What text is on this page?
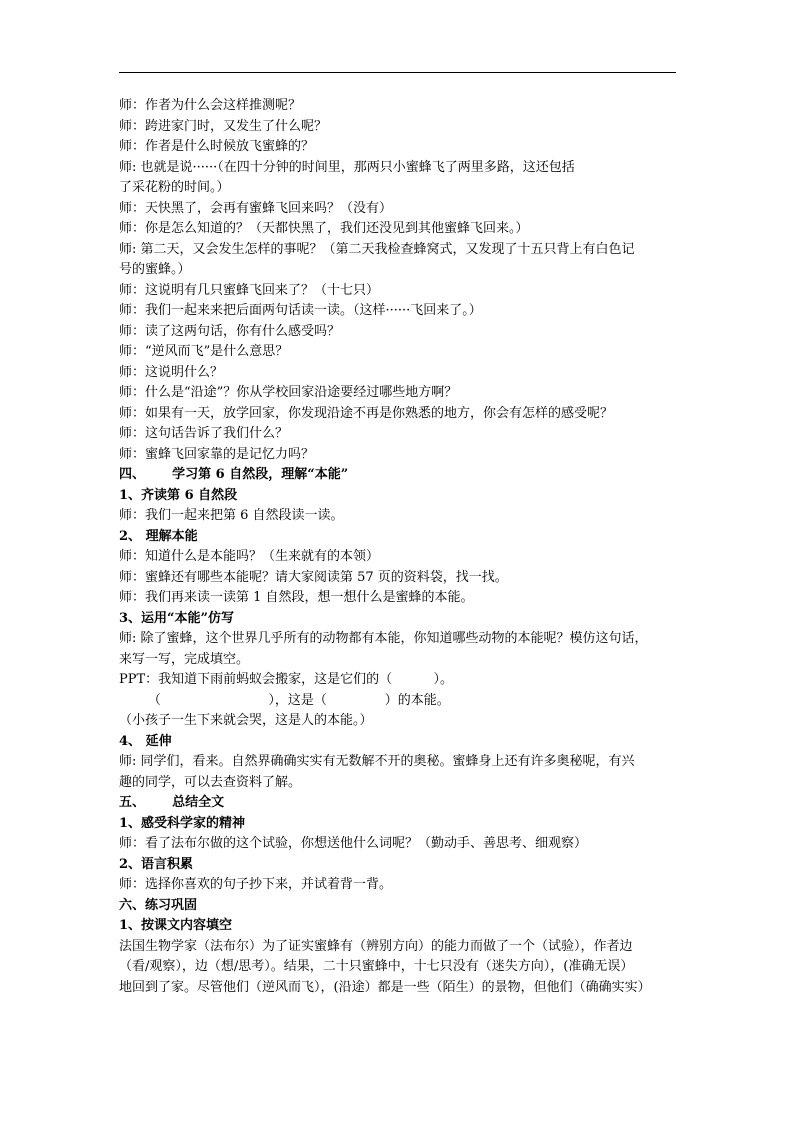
师：作者为什么会这样推测呢？
师：跨进家门时，又发生了什么呢？
师：作者是什么时候放飞蜜蜂的？
师: 也就是说······（在四十分钟的时间里，那两只小蜜蜂飞了两里多路，这还包括
了采花粉的时间。）
师：天快黑了，会再有蜜蜂飞回来吗？（没有）
师：你是怎么知道的？（天都快黑了，我们还没见到其他蜜蜂飞回来。）
师: 第二天，又会发生怎样的事呢？（第二天我检查蜂窝式，又发现了十五只背上有白色记
号的蜜蜂。）
师：这说明有几只蜜蜂飞回来了？（十七只）
师：我们一起来来把后面两句话读一读。（这样······飞回来了。）
师：读了这两句话，你有什么感受吗？
师：“逆风而飞”是什么意思？
师：这说明什么？
师：什么是“沿途”？你从学校回家沿途要经过哪些地方啊？
师：如果有一天，放学回家，你发现沿途不再是你熟悉的地方，你会有怎样的感受呢？
师：这句话告诉了我们什么？
师：蜜蜂飞回家靠的是记忆力吗？
四、      学习第 6 自然段，理解“本能”
1、齐读第 6 自然段
师：我们一起来把第 6 自然段读一读。
2、 理解本能
师：知道什么是本能吗？（生来就有的本领）
师：蜜蜂还有哪些本能呢？请大家阅读第 57 页的资料袋，找一找。
师：我们再来读一读第 1 自然段，想一想什么是蜜蜂的本能。
3、运用“本能”仿写
师: 除了蜜蜂，这个世界几乎所有的动物都有本能，你知道哪些动物的本能呢？模仿这句话，
来写一写，完成填空。
PPT：我知道下雨前蚂蚁会搬家，这是它们的（          ）。
（                          ），这是（              ）的本能。
（小孩子一生下来就会哭，这是人的本能。）
4、 延伸
师: 同学们，看来。自然界确确实实有无数解不开的奥秘。蜜蜂身上还有许多奥秘呢，有兴
趣的同学，可以去查资料了解。
五、      总结全文
1、感受科学家的精神
师：看了法布尔做的这个试验，你想送他什么词呢？（勤动手、善思考、细观察）
2、语言积累
师：选择你喜欢的句子抄下来，并试着背一背。
六、练习巩固
1、按课文内容填空
法国生物学家（法布尔）为了证实蜜蜂有（辨别方向）的能力而做了一个（试验），作者边
（看/观察），边（想/思考）。结果，二十只蜜蜂中，十七只没有（迷失方向），(准确无误）
地回到了家。尽管他们（逆风而飞），(沿途）都是一些（陌生）的景物，但他们（确确实实）
